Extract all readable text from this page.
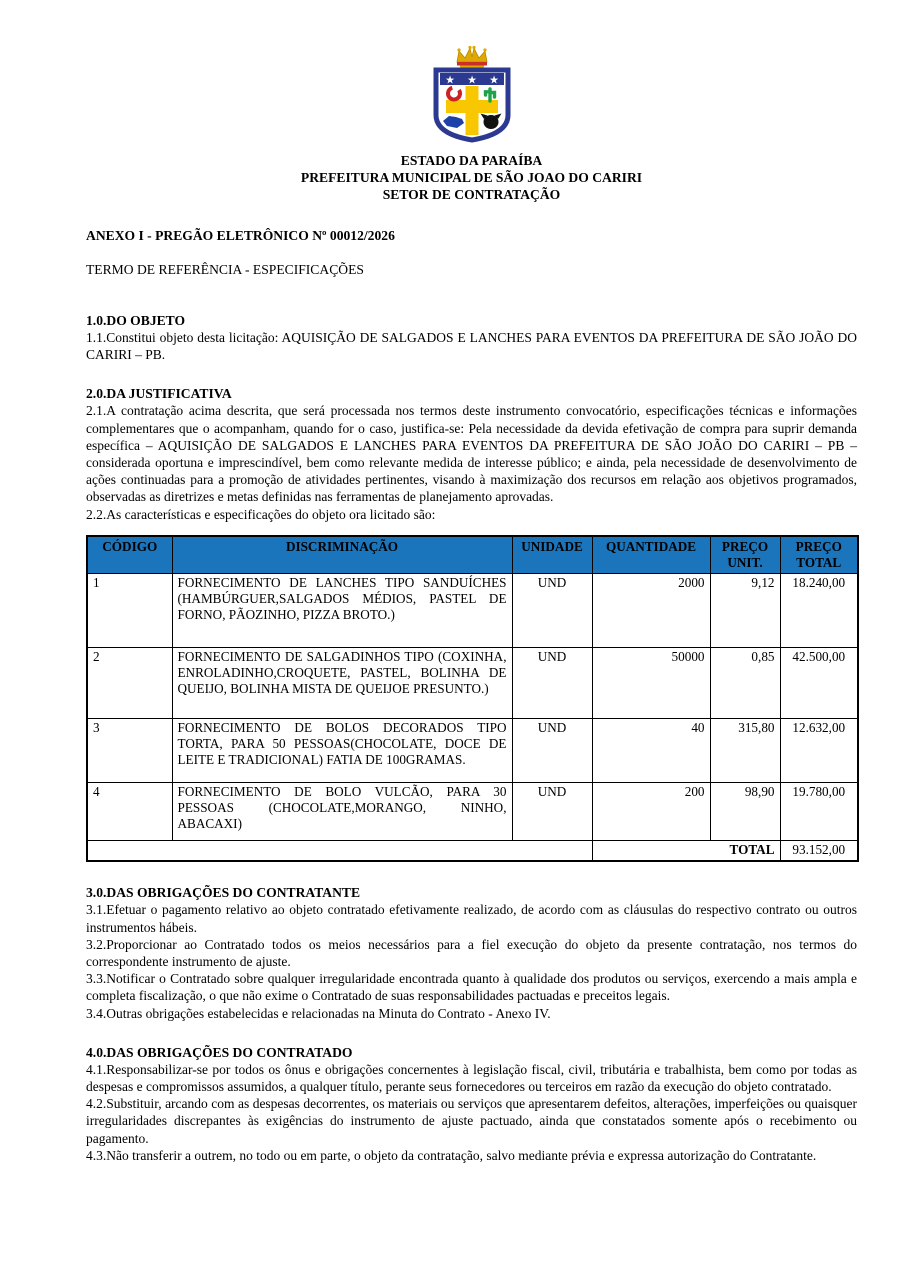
★ ★ ★
ESTADO DA PARAÍBA
PREFEITURA MUNICIPAL DE SÃO JOAO DO CARIRI
SETOR DE CONTRATAÇÃO
ANEXO I - PREGÃO ELETRÔNICO Nº 00012/2026
TERMO DE REFERÊNCIA - ESPECIFICAÇÕES
1.0.DO OBJETO

1.1.Constitui objeto desta licitação: AQUISIÇÃO DE SALGADOS E LANCHES PARA EVENTOS DA PREFEITURA DE SÃO JOÃO DO CARIRI – PB.

2.0.DA JUSTIFICATIVA

2.1.A contratação acima descrita, que será processada nos termos deste instrumento convocatório, especificações técnicas e informações complementares que o acompanham, quando for o caso, justifica-se: Pela necessidade da devida efetivação de compra para suprir demanda específica – AQUISIÇÃO DE SALGADOS E LANCHES PARA EVENTOS DA PREFEITURA DE SÃO JOÃO DO CARIRI – PB – considerada oportuna e imprescindível, bem como relevante medida de interesse público; e ainda, pela necessidade de desenvolvimento de ações continuadas para a promoção de atividades pertinentes, visando à maximização dos recursos em relação aos objetivos programados, observadas as diretrizes e metas definidas nas ferramentas de planejamento aprovadas.

2.2.As características e especificações do objeto ora licitado são:

CÓDIGO	DISCRIMINAÇÃO	UNIDADE	QUANTIDADE	PREÇO UNIT.	PREÇO TOTAL
1	FORNECIMENTO DE LANCHES TIPO SANDUÍCHES (HAMBÚRGUER,SALGADOS MÉDIOS, PASTEL DE FORNO, PÃOZINHO, PIZZA BROTO.)	UND	2000	9,12	18.240,00
2	FORNECIMENTO DE SALGADINHOS TIPO (COXINHA, ENROLADINHO,CROQUETE, PASTEL, BOLINHA DE QUEIJO, BOLINHA MISTA DE QUEIJOE PRESUNTO.)	UND	50000	0,85	42.500,00
3	FORNECIMENTO DE BOLOS DECORADOS TIPO TORTA, PARA 50 PESSOAS(CHOCOLATE, DOCE DE LEITE E TRADICIONAL) FATIA DE 100GRAMAS.	UND	40	315,80	12.632,00
4	FORNECIMENTO DE BOLO VULCÃO, PARA 30 PESSOAS (CHOCOLATE,MORANGO, NINHO, ABACAXI)	UND	200	98,90	19.780,00
			TOTAL		93.152,00
3.0.DAS OBRIGAÇÕES DO CONTRATANTE

3.1.Efetuar o pagamento relativo ao objeto contratado efetivamente realizado, de acordo com as cláusulas do respectivo contrato ou outros instrumentos hábeis.

3.2.Proporcionar ao Contratado todos os meios necessários para a fiel execução do objeto da presente contratação, nos termos do correspondente instrumento de ajuste.

3.3.Notificar o Contratado sobre qualquer irregularidade encontrada quanto à qualidade dos produtos ou serviços, exercendo a mais ampla e completa fiscalização, o que não exime o Contratado de suas responsabilidades pactuadas e preceitos legais.

3.4.Outras obrigações estabelecidas e relacionadas na Minuta do Contrato - Anexo IV.

4.0.DAS OBRIGAÇÕES DO CONTRATADO

4.1.Responsabilizar-se por todos os ônus e obrigações concernentes à legislação fiscal, civil, tributária e trabalhista, bem como por todas as despesas e compromissos assumidos, a qualquer título, perante seus fornecedores ou terceiros em razão da execução do objeto contratado.

4.2.Substituir, arcando com as despesas decorrentes, os materiais ou serviços que apresentarem defeitos, alterações, imperfeições ou quaisquer irregularidades discrepantes às exigências do instrumento de ajuste pactuado, ainda que constatados somente após o recebimento ou pagamento.

4.3.Não transferir a outrem, no todo ou em parte, o objeto da contratação, salvo mediante prévia e expressa autorização do Contratante.
